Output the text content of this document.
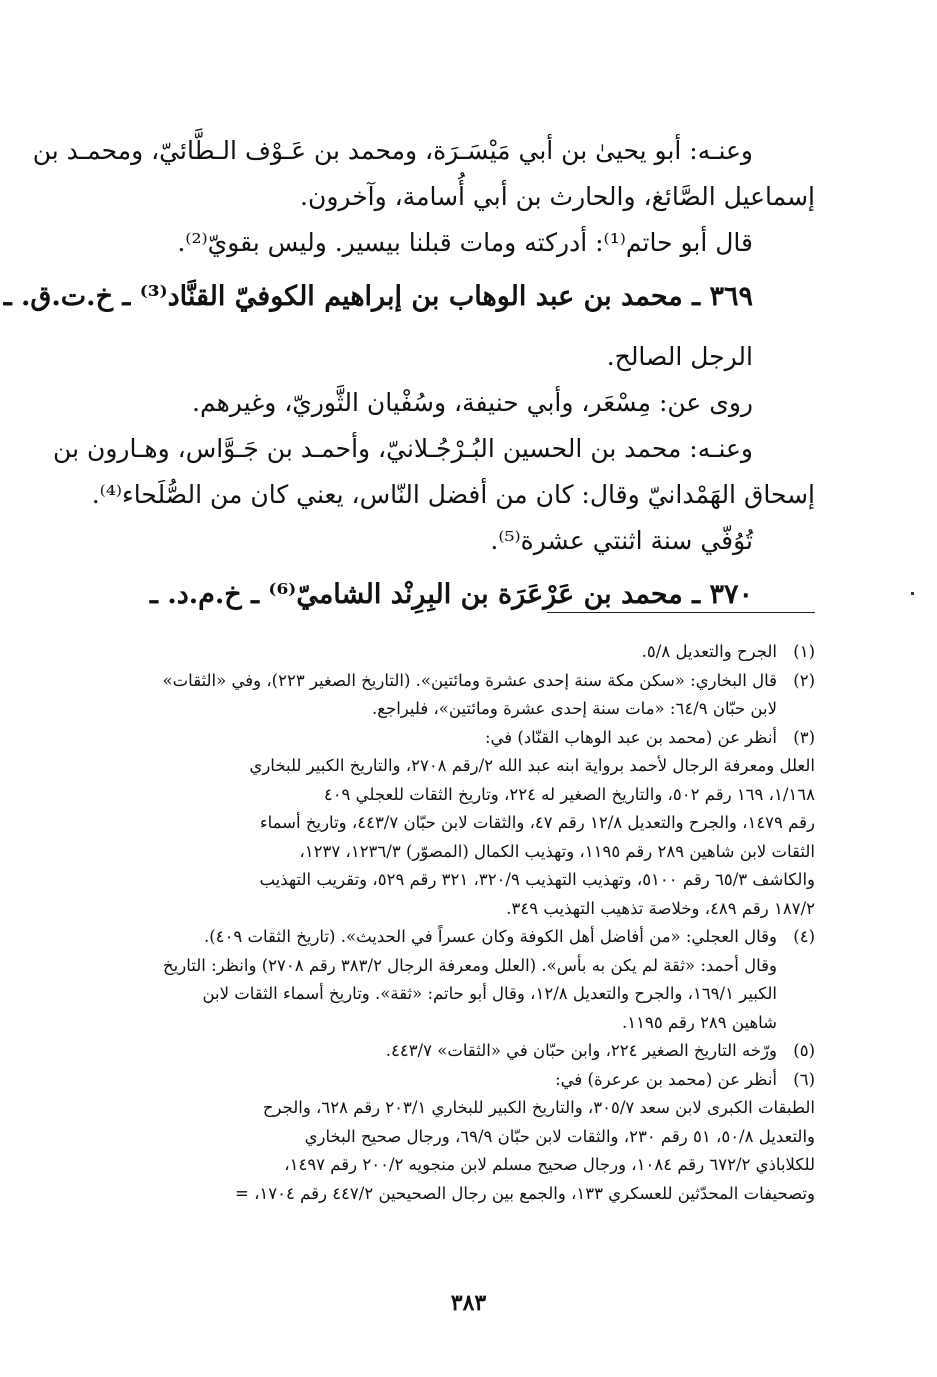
وعنـه: أبو يحيىٰ بن أبي مَيْسَـرَة، ومحمد بن عَـوْف الـطَّائيّ، ومحمـد بن
إسماعيل الصَّائغ، والحارث بن أبي أُسامة، وآخرون.
قال أبو حاتم⁽¹⁾: أدركته ومات قبلنا بيسير. وليس بقويّ⁽²⁾.
٣٦٩ ـ محمد بن عبد الوهاب بن إبراهيم الكوفيّ القنَّاد⁽³⁾ ـ خ.ت.ق. ـ
الرجل الصالح.
روى عن: مِسْعَر، وأبي حنيفة، وسُفْيان الثَّوريّ، وغيرهم.
وعنـه: محمد بن الحسين البُـرْجُـلانيّ، وأحمـد بن جَـوَّاس، وهـارون بن
إسحاق الهَمْدانيّ وقال: كان من أفضل النّاس، يعني كان من الصُّلَحاء⁽⁴⁾.
تُوُفّي سنة اثنتي عشرة⁽⁵⁾.
٣٧٠ ـ محمد بن عَرْعَرَة بن البِرِنْد الشاميّ⁽⁶⁾ ـ خ.م.د. ـ
(١)الجرح والتعديل ٥/٨.
(٢)قال البخاري: «سكن مكة سنة إحدى عشرة ومائتين». (التاريخ الصغير ٢٢٣)، وفي «الثقات»
لابن حبّان ٦٤/٩: «مات سنة إحدى عشرة ومائتين»، فليراجع.
(٣)أنظر عن (محمد بن عبد الوهاب القنّاد) في:
العلل ومعرفة الرجال لأحمد برواية ابنه عبد الله ٢/رقم ٢٧٠٨، والتاريخ الكبير للبخاري
١/١٦٨، ١٦٩ رقم ٥٠٢، والتاريخ الصغير له ٢٢٤، وتاريخ الثقات للعجلي ٤٠٩
رقم ١٤٧٩، والجرح والتعديل ١٢/٨ رقم ٤٧، والثقات لابن حبّان ٤٤٣/٧، وتاريخ أسماء
الثقات لابن شاهين ٢٨٩ رقم ١١٩٥، وتهذيب الكمال (المصوّر) ١٢٣٦/٣، ١٢٣٧،
والكاشف ٦٥/٣ رقم ٥١٠٠، وتهذيب التهذيب ٣٢٠/٩، ٣٢١ رقم ٥٢٩، وتقريب التهذيب
١٨٧/٢ رقم ٤٨٩، وخلاصة تذهيب التهذيب ٣٤٩.
(٤)وقال العجلي: «من أفاضل أهل الكوفة وكان عسراً في الحديث». (تاريخ الثقات ٤٠٩).
وقال أحمد: «ثقة لم يكن به بأس». (العلل ومعرفة الرجال ٣٨٣/٢ رقم ٢٧٠٨) وانظر: التاريخ
الكبير ١٦٩/١، والجرح والتعديل ١٢/٨، وقال أبو حاتم: «ثقة». وتاريخ أسماء الثقات لابن
شاهين ٢٨٩ رقم ١١٩٥.
(٥)ورّخه التاريخ الصغير ٢٢٤، وابن حبّان في «الثقات» ٤٤٣/٧.
(٦)أنظر عن (محمد بن عرعرة) في:
الطبقات الكبرى لابن سعد ٣٠٥/٧، والتاريخ الكبير للبخاري ٢٠٣/١ رقم ٦٢٨، والجرح
والتعديل ٥٠/٨، ٥١ رقم ٢٣٠، والثقات لابن حبّان ٦٩/٩، ورجال صحيح البخاري
للكلاباذي ٦٧٢/٢ رقم ١٠٨٤، ورجال صحيح مسلم لابن منجويه ٢٠٠/٢ رقم ١٤٩٧،
وتصحيفات المحدّثين للعسكري ١٣٣، والجمع بين رجال الصحيحين ٤٤٧/٢ رقم ١٧٠٤، =
٣٨٣
